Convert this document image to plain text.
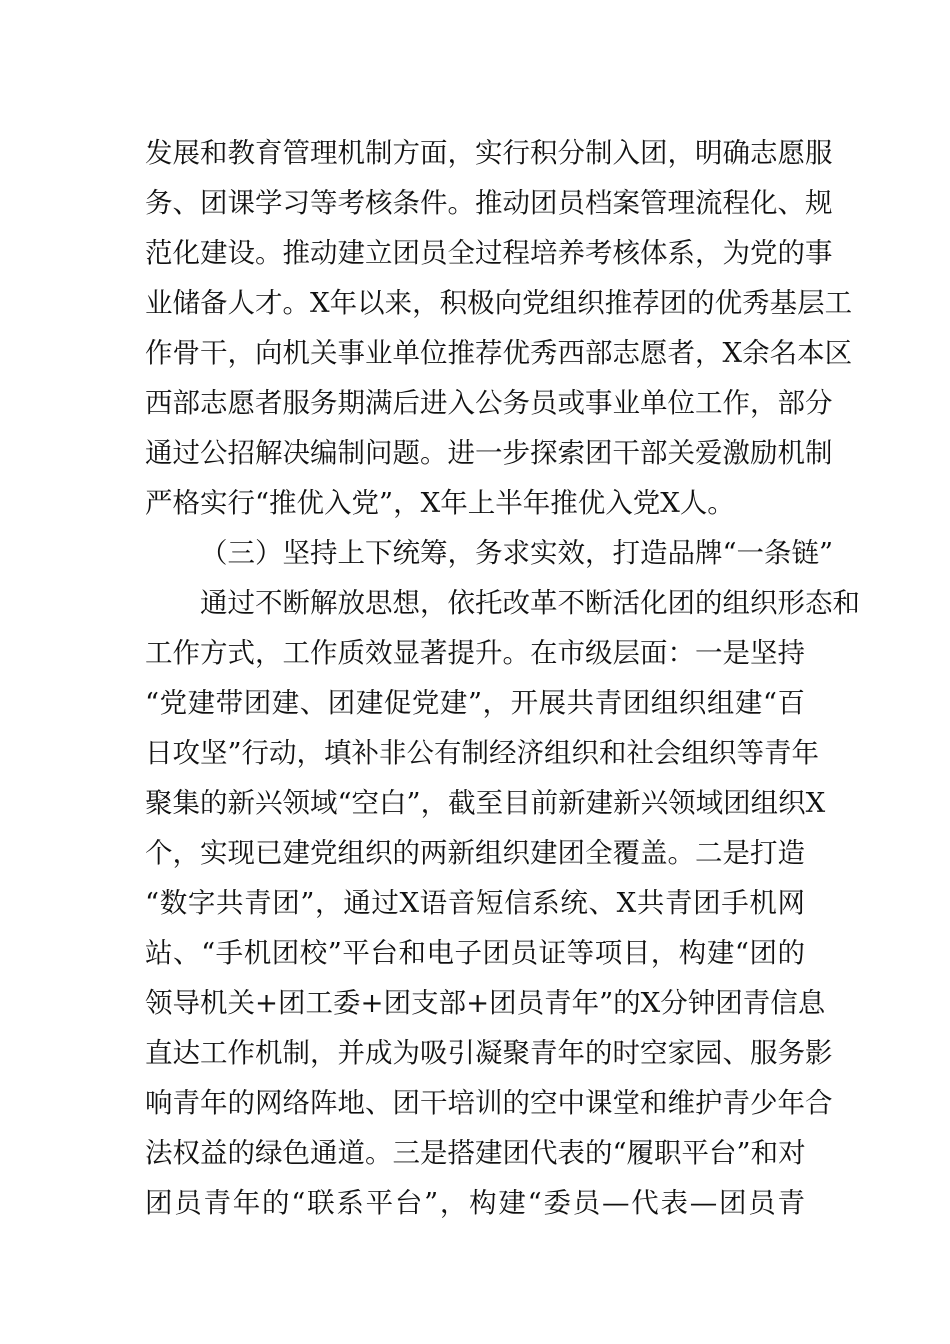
发展和教育管理机制方面，实行积分制入团，明确志愿服
务、团课学习等考核条件。推动团员档案管理流程化、规
范化建设。推动建立团员全过程培养考核体系，为党的事
业储备人才。X年以来，积极向党组织推荐团的优秀基层工
作骨干，向机关事业单位推荐优秀西部志愿者，X余名本区
西部志愿者服务期满后进入公务员或事业单位工作，部分
通过公招解决编制问题。进一步探索团干部关爱激励机制
严格实行“推优入党”，X年上半年推优入党X人。
（三）坚持上下统筹，务求实效，打造品牌“一条链”
通过不断解放思想，依托改革不断活化团的组织形态和
工作方式，工作质效显著提升。在市级层面：一是坚持
“党建带团建、团建促党建”，开展共青团组织组建“百
日攻坚”行动，填补非公有制经济组织和社会组织等青年
聚集的新兴领域“空白”，截至目前新建新兴领域团组织X
个，实现已建党组织的两新组织建团全覆盖。二是打造
“数字共青团”，通过X语音短信系统、X共青团手机网
站、“手机团校”平台和电子团员证等项目，构建“团的
领导机关+团工委+团支部+团员青年”的X分钟团青信息
直达工作机制，并成为吸引凝聚青年的时空家园、服务影
响青年的网络阵地、团干培训的空中课堂和维护青少年合
法权益的绿色通道。三是搭建团代表的“履职平台”和对
团员青年的“联系平台”，构建“委员—代表—团员青
